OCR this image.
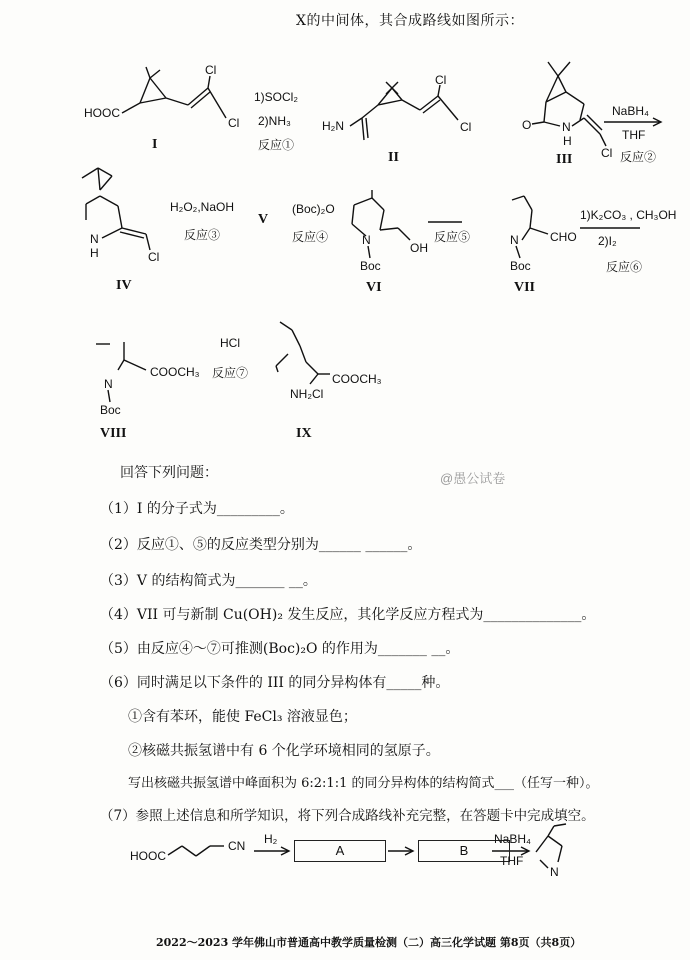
X的中间体，其合成路线如图所示：
HOOC
Cl
Cl	H₂N
Cl
Cl	O	N
H
Cl
N
H	Cl
N
Boc
OH
N
Boc
CHO
COOCH₃
N
Boc
COOCH₃
NH₂Cl
HOOC
CN
N
I
II	III
IV
V
VI	VII
VIII	IX
1)SOCl₂
2)NH₃
反应①
NaBH₄
THF
反应②
H₂O₂,NaOH
反应③
(Boc)₂O
反应④	反应⑤
1)K₂CO₃ , CH₃OH
2)I₂
反应⑥
HCl
反应⑦
@愚公试卷
回答下列问题：
（1）I 的分子式为_________。
（2）反应①、⑤的反应类型分别为______ ______。
（3）V 的结构简式为_______ __。
（4）VII 可与新制 Cu(OH)₂ 发生反应，其化学反应方程式为______________。
（5）由反应④～⑦可推测(Boc)₂O 的作用为_______ __。
（6）同时满足以下条件的 III 的同分异构体有_____种。
①含有苯环，能使 FeCl₃ 溶液显色；
②核磁共振氢谱中有 6 个化学环境相同的氢原子。
写出核磁共振氢谱中峰面积为 6:2:1:1 的同分异构体的结构简式___（任写一种）。
（7）参照上述信息和所学知识，将下列合成路线补充完整，在答题卡中完成填空。
H₂
A	B
NaBH₄
THF
2022～2023 学年佛山市普通高中教学质量检测（二）高三化学试题 第8页（共8页）
